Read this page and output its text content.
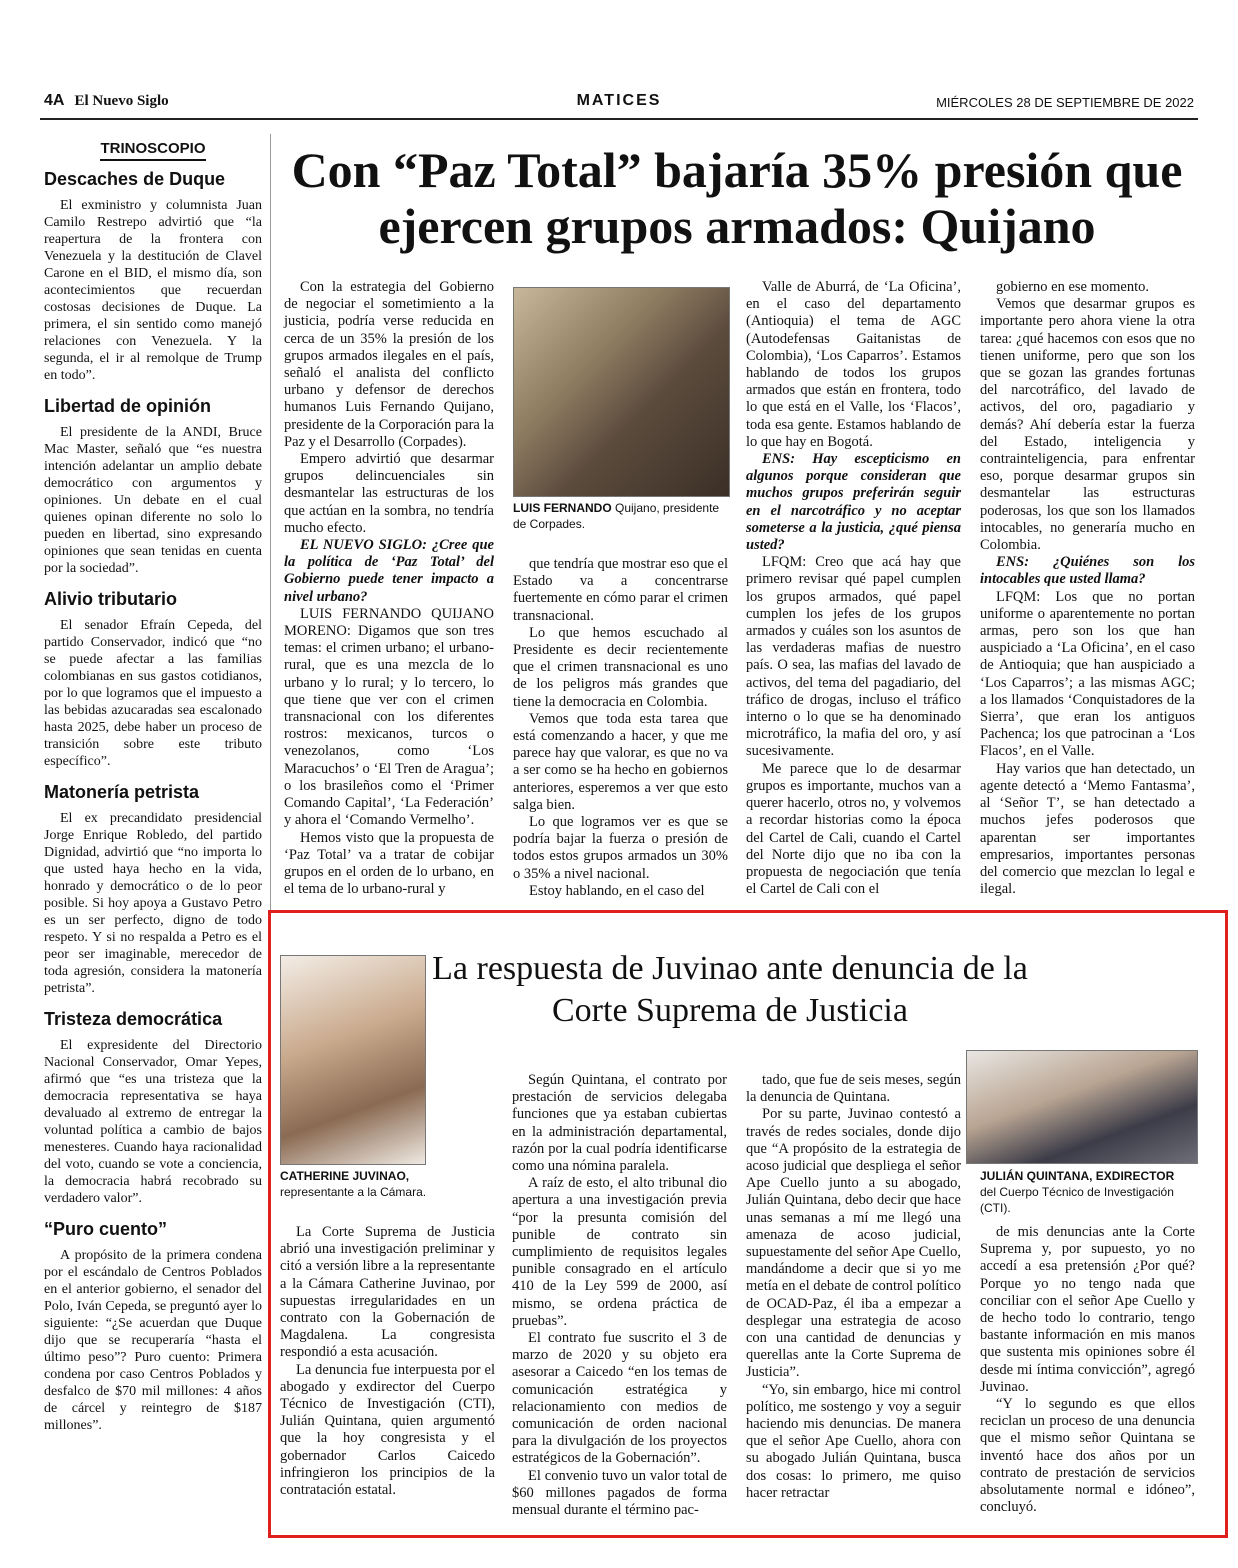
4A El Nuevo Siglo	MATICES	MIÉRCOLES 28 DE SEPTIEMBRE DE 2022
TRINOSCOPIO
Descaches de Duque

El exministro y columnista Juan Camilo Restrepo advirtió que “la reapertura de la frontera con Venezuela y la destitución de Clavel Carone en el BID, el mismo día, son acontecimientos que recuerdan costosas decisiones de Duque. La primera, el sin sentido como manejó relaciones con Venezuela. Y la segunda, el ir al remolque de Trump en todo”.

Libertad de opinión

El presidente de la ANDI, Bruce Mac Master, señaló que “es nuestra intención adelantar un amplio debate democrático con argumentos y opiniones. Un debate en el cual quienes opinan diferente no solo lo pueden en libertad, sino expresando opiniones que sean tenidas en cuenta por la sociedad”.

Alivio tributario

El senador Efraín Cepeda, del partido Conservador, indicó que “no se puede afectar a las familias colombianas en sus gastos cotidianos, por lo que logramos que el impuesto a las bebidas azucaradas sea escalonado hasta 2025, debe haber un proceso de transición sobre este tributo específico”.

Matonería petrista

El ex precandidato presidencial Jorge Enrique Robledo, del partido Dignidad, advirtió que “no importa lo que usted haya hecho en la vida, honrado y democrático o de lo peor posible. Si hoy apoya a Gustavo Petro es un ser perfecto, digno de todo respeto. Y si no respalda a Petro es el peor ser imaginable, merecedor de toda agresión, considera la matonería petrista”.

Tristeza democrática

El expresidente del Directorio Nacional Conservador, Omar Yepes, afirmó que “es una tristeza que la democracia representativa se haya devaluado al extremo de entregar la voluntad política a cambio de bajos menesteres. Cuando haya racionalidad del voto, cuando se vote a conciencia, la democracia habrá recobrado su verdadero valor”.

“Puro cuento”

A propósito de la primera condena por el escándalo de Centros Poblados en el anterior gobierno, el senador del Polo, Iván Cepeda, se preguntó ayer lo siguiente: “¿Se acuerdan que Duque dijo que se recuperaría “hasta el último peso”? Puro cuento: Primera condena por caso Centros Poblados y desfalco de $70 mil millones: 4 años de cárcel y reintegro de $187 millones”.

Con “Paz Total” bajaría 35% presión que ejercen grupos armados: Quijano

Con la estrategia del Gobierno de negociar el sometimiento a la justicia, podría verse reducida en cerca de un 35% la presión de los grupos armados ilegales en el país, señaló el analista del conflicto urbano y defensor de derechos humanos Luis Fernando Quijano, presidente de la Corporación para la Paz y el Desarrollo (Corpades).

Empero advirtió que desarmar grupos delincuenciales sin desmantelar las estructuras de los que actúan en la sombra, no tendría mucho efecto.

EL NUEVO SIGLO: ¿Cree que la política de ‘Paz Total’ del Gobierno puede tener impacto a nivel urbano?

LUIS FERNANDO QUIJANO MORENO: Digamos que son tres temas: el crimen urbano; el urbano-rural, que es una mezcla de lo urbano y lo rural; y lo tercero, lo que tiene que ver con el crimen transnacional con los diferentes rostros: mexicanos, turcos o venezolanos, como ‘Los Maracuchos’ o ‘El Tren de Aragua’; o los brasileños como el ‘Primer Comando Capital’, ‘La Federación’ y ahora el ‘Comando Vermelho’.

Hemos visto que la propuesta de ‘Paz Total’ va a tratar de cobijar grupos en el orden de lo urbano, en el tema de lo urbano-rural y

LUIS FERNANDO Quijano, presidente de Corpades.

que tendría que mostrar eso que el Estado va a concentrarse fuertemente en cómo parar el crimen transnacional.

Lo que hemos escuchado al Presidente es decir recientemente que el crimen transnacional es uno de los peligros más grandes que tiene la democracia en Colombia.

Vemos que toda esta tarea que está comenzando a hacer, y que me parece hay que valorar, es que no va a ser como se ha hecho en gobiernos anteriores, esperemos a ver que esto salga bien.

Lo que logramos ver es que se podría bajar la fuerza o presión de todos estos grupos armados un 30% o 35% a nivel nacional.

Estoy hablando, en el caso del

Valle de Aburrá, de ‘La Oficina’, en el caso del departamento (Antioquia) el tema de AGC (Autodefensas Gaitanistas de Colombia), ‘Los Caparros’. Estamos hablando de todos los grupos armados que están en frontera, todo lo que está en el Valle, los ‘Flacos’, toda esa gente. Estamos hablando de lo que hay en Bogotá.

ENS: Hay escepticismo en algunos porque consideran que muchos grupos preferirán seguir en el narcotráfico y no aceptar someterse a la justicia, ¿qué piensa usted?

LFQM: Creo que acá hay que primero revisar qué papel cumplen los grupos armados, qué papel cumplen los jefes de los grupos armados y cuáles son los asuntos de las verdaderas mafias de nuestro país. O sea, las mafias del lavado de activos, del tema del pagadiario, del tráfico de drogas, incluso el tráfico interno o lo que se ha denominado microtráfico, la mafia del oro, y así sucesivamente.

Me parece que lo de desarmar grupos es importante, muchos van a querer hacerlo, otros no, y volvemos a recordar historias como la época del Cartel de Cali, cuando el Cartel del Norte dijo que no iba con la propuesta de negociación que tenía el Cartel de Cali con el

gobierno en ese momento.

Vemos que desarmar grupos es importante pero ahora viene la otra tarea: ¿qué hacemos con esos que no tienen uniforme, pero que son los que se gozan las grandes fortunas del narcotráfico, del lavado de activos, del oro, pagadiario y demás? Ahí debería estar la fuerza del Estado, inteligencia y contrainteligencia, para enfrentar eso, porque desarmar grupos sin desmantelar las estructuras poderosas, los que son los llamados intocables, no generaría mucho en Colombia.

ENS: ¿Quiénes son los intocables que usted llama?

LFQM: Los que no portan uniforme o aparentemente no portan armas, pero son los que han auspiciado a ‘La Oficina’, en el caso de Antioquia; que han auspiciado a ‘Los Caparros’; a las mismas AGC; a los llamados ‘Conquistadores de la Sierra’, que eran los antiguos Pachenca; los que patrocinan a ‘Los Flacos’, en el Valle.

Hay varios que han detectado, un agente detectó a ‘Memo Fantasma’, al ‘Señor T’, se han detectado a muchos jefes poderosos que aparentan ser importantes empresarios, importantes personas del comercio que mezclan lo legal e ilegal.

La respuesta de Juvinao ante denuncia de la Corte Suprema de Justicia
CATHERINE JUVINAO,
representante a la Cámara.
JULIÁN QUINTANA, EXDIRECTOR del Cuerpo Técnico de Investigación (CTI).

La Corte Suprema de Justicia abrió una investigación preliminar y citó a versión libre a la representante a la Cámara Catherine Juvinao, por supuestas irregularidades en un contrato con la Gobernación de Magdalena. La congresista respondió a esta acusación.

La denuncia fue interpuesta por el abogado y exdirector del Cuerpo Técnico de Investigación (CTI), Julián Quintana, quien argumentó que la hoy congresista y el gobernador Carlos Caicedo infringieron los principios de la contratación estatal.

Según Quintana, el contrato por prestación de servicios delegaba funciones que ya estaban cubiertas en la administración departamental, razón por la cual podría identificarse como una nómina paralela.

A raíz de esto, el alto tribunal dio apertura a una investigación previa “por la presunta comisión del punible de contrato sin cumplimiento de requisitos legales punible consagrado en el artículo 410 de la Ley 599 de 2000, así mismo, se ordena práctica de pruebas”.

El contrato fue suscrito el 3 de marzo de 2020 y su objeto era asesorar a Caicedo “en los temas de comunicación estratégica y relacionamiento con medios de comunicación de orden nacional para la divulgación de los proyectos estratégicos de la Gobernación”.

El convenio tuvo un valor total de $60 millones pagados de forma mensual durante el término pac-

tado, que fue de seis meses, según la denuncia de Quintana.

Por su parte, Juvinao contestó a través de redes sociales, donde dijo que “A propósito de la estrategia de acoso judicial que despliega el señor Ape Cuello junto a su abogado, Julián Quintana, debo decir que hace unas semanas a mí me llegó una amenaza de acoso judicial, supuestamente del señor Ape Cuello, mandándome a decir que si yo me metía en el debate de control político de OCAD-Paz, él iba a empezar a desplegar una estrategia de acoso con una cantidad de denuncias y querellas ante la Corte Suprema de Justicia”.

“Yo, sin embargo, hice mi control político, me sostengo y voy a seguir haciendo mis denuncias. De manera que el señor Ape Cuello, ahora con su abogado Julián Quintana, busca dos cosas: lo primero, me quiso hacer retractar

de mis denuncias ante la Corte Suprema y, por supuesto, yo no accedí a esa pretensión ¿Por qué? Porque yo no tengo nada que conciliar con el señor Ape Cuello y de hecho todo lo contrario, tengo bastante información en mis manos que sustenta mis opiniones sobre él desde mi íntima convicción”, agregó Juvinao.

“Y lo segundo es que ellos reciclan un proceso de una denuncia que el mismo señor Quintana se inventó hace dos años por un contrato de prestación de servicios absolutamente normal e idóneo”, concluyó.
